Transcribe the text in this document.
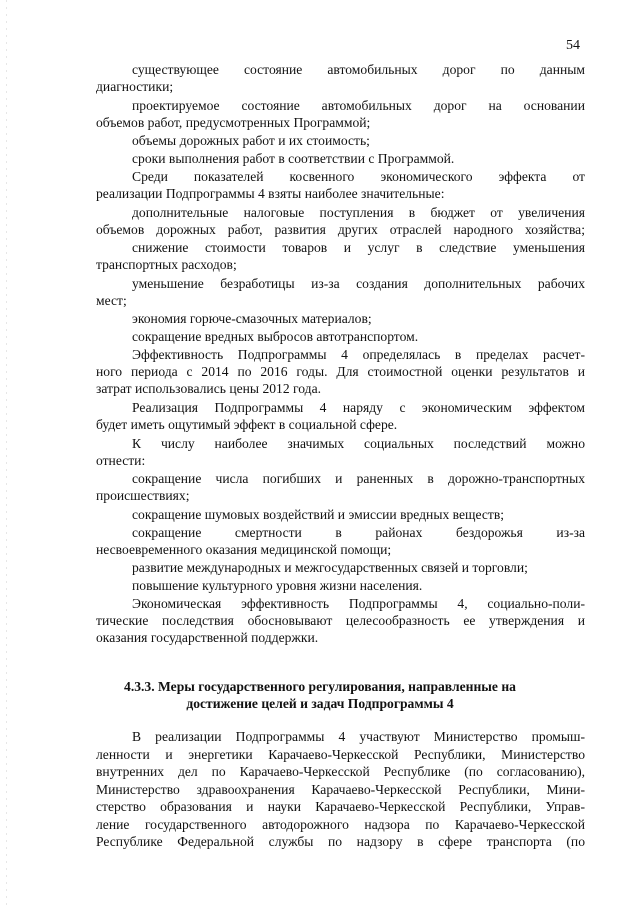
54
существующее состояние автомобильных дорог по данным
диагностики;
проектируемое состояние автомобильных дорог на основании
объемов работ, предусмотренных Программой;
объемы дорожных работ и их стоимость;
сроки выполнения работ в соответствии с Программой.
Среди показателей косвенного экономического эффекта от
реализации Подпрограммы 4 взяты наиболее значительные:
дополнительные налоговые поступления в бюджет от увеличения
объемов дорожных работ, развития других отраслей народного хозяйства;
снижение стоимости товаров и услуг в следствие уменьшения
транспортных расходов;
уменьшение безработицы из-за создания дополнительных рабочих
мест;
экономия горюче-смазочных материалов;
сокращение вредных выбросов автотранспортом.
Эффективность Подпрограммы 4 определялась в пределах расчет-
ного периода с 2014 по 2016 годы. Для стоимостной оценки результатов и
затрат использовались цены 2012 года.
Реализация Подпрограммы 4 наряду с экономическим эффектом
будет иметь ощутимый эффект в социальной сфере.
К числу наиболее значимых социальных последствий можно
отнести:
сокращение числа погибших и раненных в дорожно-транспортных
происшествиях;
сокращение шумовых воздействий и эмиссии вредных веществ;
сокращение смертности в районах бездорожья из-за
несвоевременного оказания медицинской помощи;
развитие международных и межгосударственных связей и торговли;
повышение культурного уровня жизни населения.
Экономическая эффективность Подпрограммы 4, социально-поли-
тические последствия обосновывают целесообразность ее утверждения и
оказания государственной поддержки.
4.3.3. Меры государственного регулирования, направленные на
достижение целей и задач Подпрограммы 4
В реализации Подпрограммы 4 участвуют Министерство промыш-
ленности и энергетики Карачаево-Черкесской Республики, Министерство
внутренних дел по Карачаево-Черкесской Республике (по согласованию),
Министерство здравоохранения Карачаево-Черкесской Республики, Мини-
стерство образования и науки Карачаево-Черкесской Республики, Управ-
ление государственного автодорожного надзора по Карачаево-Черкесской
Республике Федеральной службы по надзору в сфере транспорта (по
